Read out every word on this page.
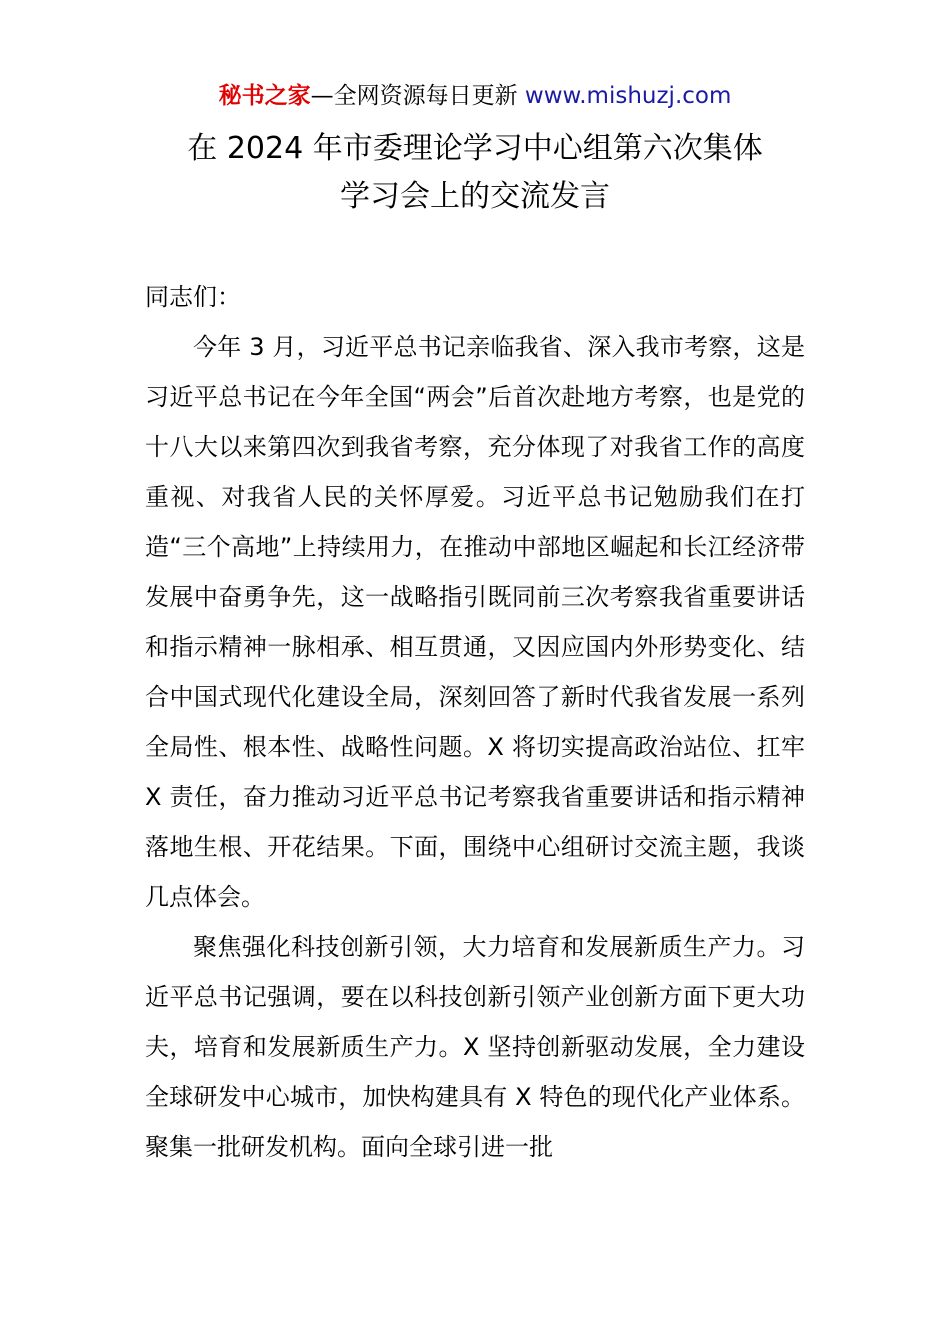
秘书之家—全网资源每日更新 www.mishuzj.com
在 2024 年市委理论学习中心组第六次集体
学习会上的交流发言

同志们：

今年 3 月，习近平总书记亲临我省、深入我市考察，这是习近平总书记在今年全国“两会”后首次赴地方考察，也是党的十八大以来第四次到我省考察，充分体现了对我省工作的高度重视、对我省人民的关怀厚爱。习近平总书记勉励我们在打造“三个高地”上持续用力，在推动中部地区崛起和长江经济带发展中奋勇争先，这一战略指引既同前三次考察我省重要讲话和指示精神一脉相承、相互贯通，又因应国内外形势变化、结合中国式现代化建设全局，深刻回答了新时代我省发展一系列全局性、根本性、战略性问题。X 将切实提高政治站位、扛牢 X 责任，奋力推动习近平总书记考察我省重要讲话和指示精神落地生根、开花结果。下面，围绕中心组研讨交流主题，我谈几点体会。

聚焦强化科技创新引领，大力培育和发展新质生产力。习近平总书记强调，要在以科技创新引领产业创新方面下更大功夫，培育和发展新质生产力。X 坚持创新驱动发展，全力建设全球研发中心城市，加快构建具有 X 特色的现代化产业体系。聚集一批研发机构。面向全球引进一批
